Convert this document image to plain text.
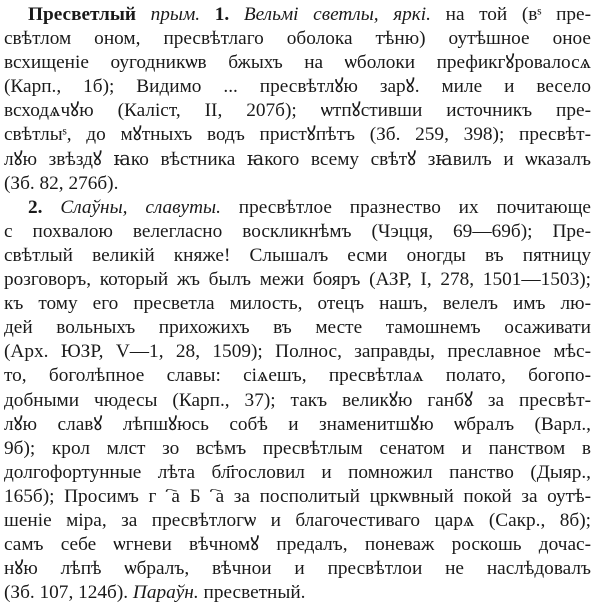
Пресветлый прым. 1. Вельмі светлы, яркі. на той (вˢ пре-
свѣтлом оном, пресвѣтлаго оболока тѣню) оутѣшное оное
всхищеніе оугодникѡв бжыхъ на ѡболоки префикгꙋровалосѧ
(Карп., 1б); Видимо ... пресвѣтлꙋю зарꙋ. миле и весело
всходѧчꙋю (Каліст, II, 207б); ѡтпꙋстивши источникъ пре-
свѣтлыˢ, до мꙋтныхъ водъ пристꙋпѣтъ (Зб. 259, 398); пресвѣт-
лꙋю звѣздꙋ ꙗко вѣстника ꙗкого всему свѣтꙋ зꙗвилъ и ѡказалъ
(Зб. 82, 276б).
2. Слаўны, славуты. пресвѣтлое празнество их почитающе
с похвалою велегласно воскликнѣмъ (Чэцця, 69—69б); Пре-
свѣтлый великій княже! Слышалъ есми оногды въ пятницу
розговоръ, который жъ былъ межи бояръ (АЗР, I, 278, 1501—1503);
къ тому его пресветла милость, отецъ нашъ, велелъ имъ лю-
дей вольныхъ прихожихъ въ месте тамошнемъ осаживати
(Арх. ЮЗР, V—1, 28, 1509); Полнос, заправды, преславное мѣс-
то, боголѣпное славы: сіѧешъ, пресвѣтлаѧ полато, богопо-
добными чюдесы (Карп., 37); такъ великꙋю ганбꙋ за пресвѣт-
лꙋю славꙋ лѣпшꙋюсь собѣ и знаменитшꙋю ѡбралъ (Варл.,
9б); крол млст зо всѣмъ пресвѣтлым сенатом и панством в
долгофортунные лѣта бл҃гословил и помножил панство (Дыяр.,
165б); Просимъ гⷭ҇а Бⷢ҇а за посполитый цркѡвный покой за оутѣ-
шеніе міра, за пресвѣтлогѡ и благочестиваго царѧ (Сакр., 8б);
самъ себе ѡгневи вѣчномꙋ предалъ, поневаж роскошь дочас-
нꙋю лѣпѣ ѡбралъ, вѣчнои и пресвѣтлои не наслѣдовалъ
(Зб. 107, 124б). Параўн. пресветный.
